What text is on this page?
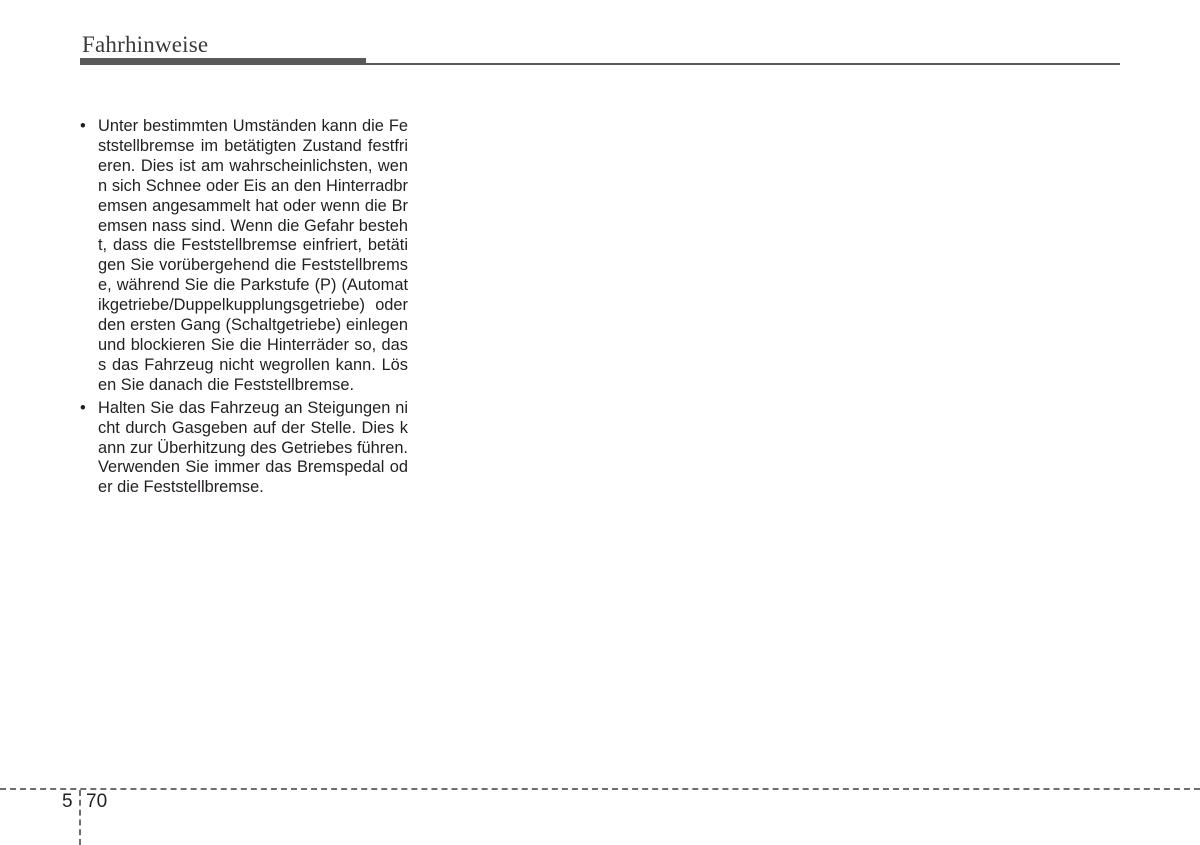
Fahrhinweise
• Unter bestimmten Umständen kann die Feststellbremse im betätigten Zustand festfrieren. Dies ist am wahrscheinlichsten, wenn sich Schnee oder Eis an den Hinterradbremsen angesammelt hat oder wenn die Bremsen nass sind. Wenn die Gefahr besteht, dass die Feststellbremse einfriert, betätigen Sie vorübergehend die Feststellbremse, während Sie die Parkstufe (P) (Automatikgetriebe/Duppelkupplungsgetriebe) oder den ersten Gang (Schaltgetriebe) einlegen und blockieren Sie die Hinterräder so, dass das Fahrzeug nicht wegrollen kann. Lösen Sie danach die Feststellbremse.
• Halten Sie das Fahrzeug an Steigungen nicht durch Gasgeben auf der Stelle. Dies kann zur Überhitzung des Getriebes führen. Verwenden Sie immer das Bremspedal oder die Feststellbremse.
5 70
